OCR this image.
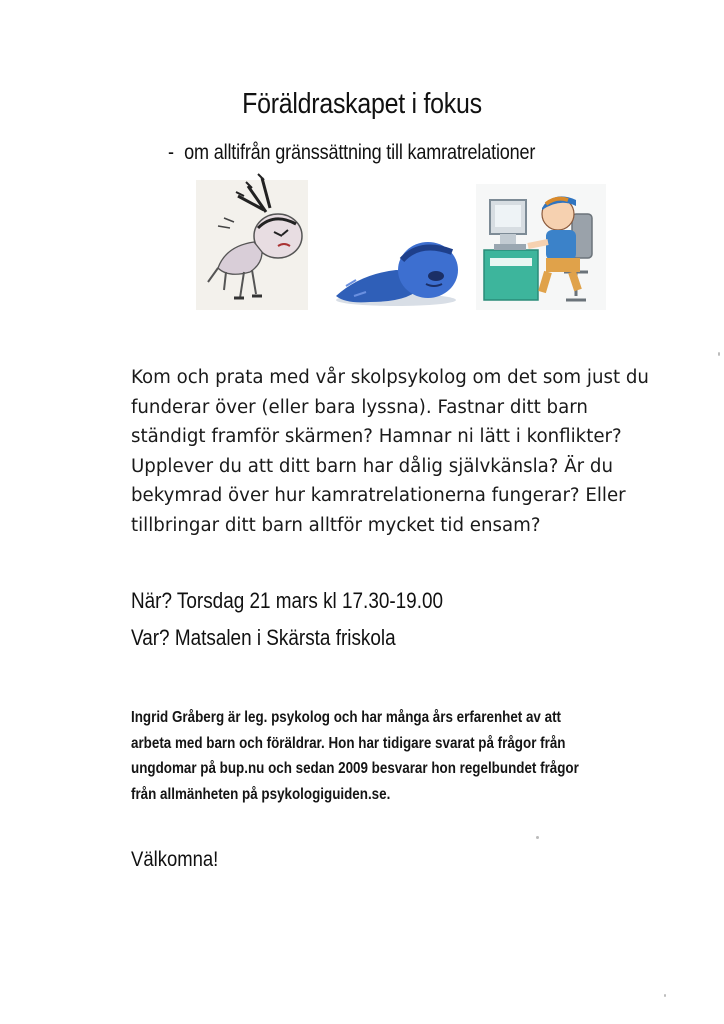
Föräldraskapet i fokus

- om alltifrån gränssättning till kamratrelationer

Kom och prata med vår skolpsykolog om det som just du
funderar över (eller bara lyssna). Fastnar ditt barn
ständigt framför skärmen? Hamnar ni lätt i konflikter?
Upplever du att ditt barn har dålig självkänsla? Är du
bekymrad över hur kamratrelationerna fungerar? Eller
tillbringar ditt barn alltför mycket tid ensam?

När? Torsdag 21 mars kl 17.30-19.00

Var? Matsalen i Skärsta friskola

Ingrid Gråberg är leg. psykolog och har många års erfarenhet av att
arbeta med barn och föräldrar. Hon har tidigare svarat på frågor från
ungdomar på bup.nu och sedan 2009 besvarar hon regelbundet frågor
från allmänheten på psykologiguiden.se.

Välkomna!
